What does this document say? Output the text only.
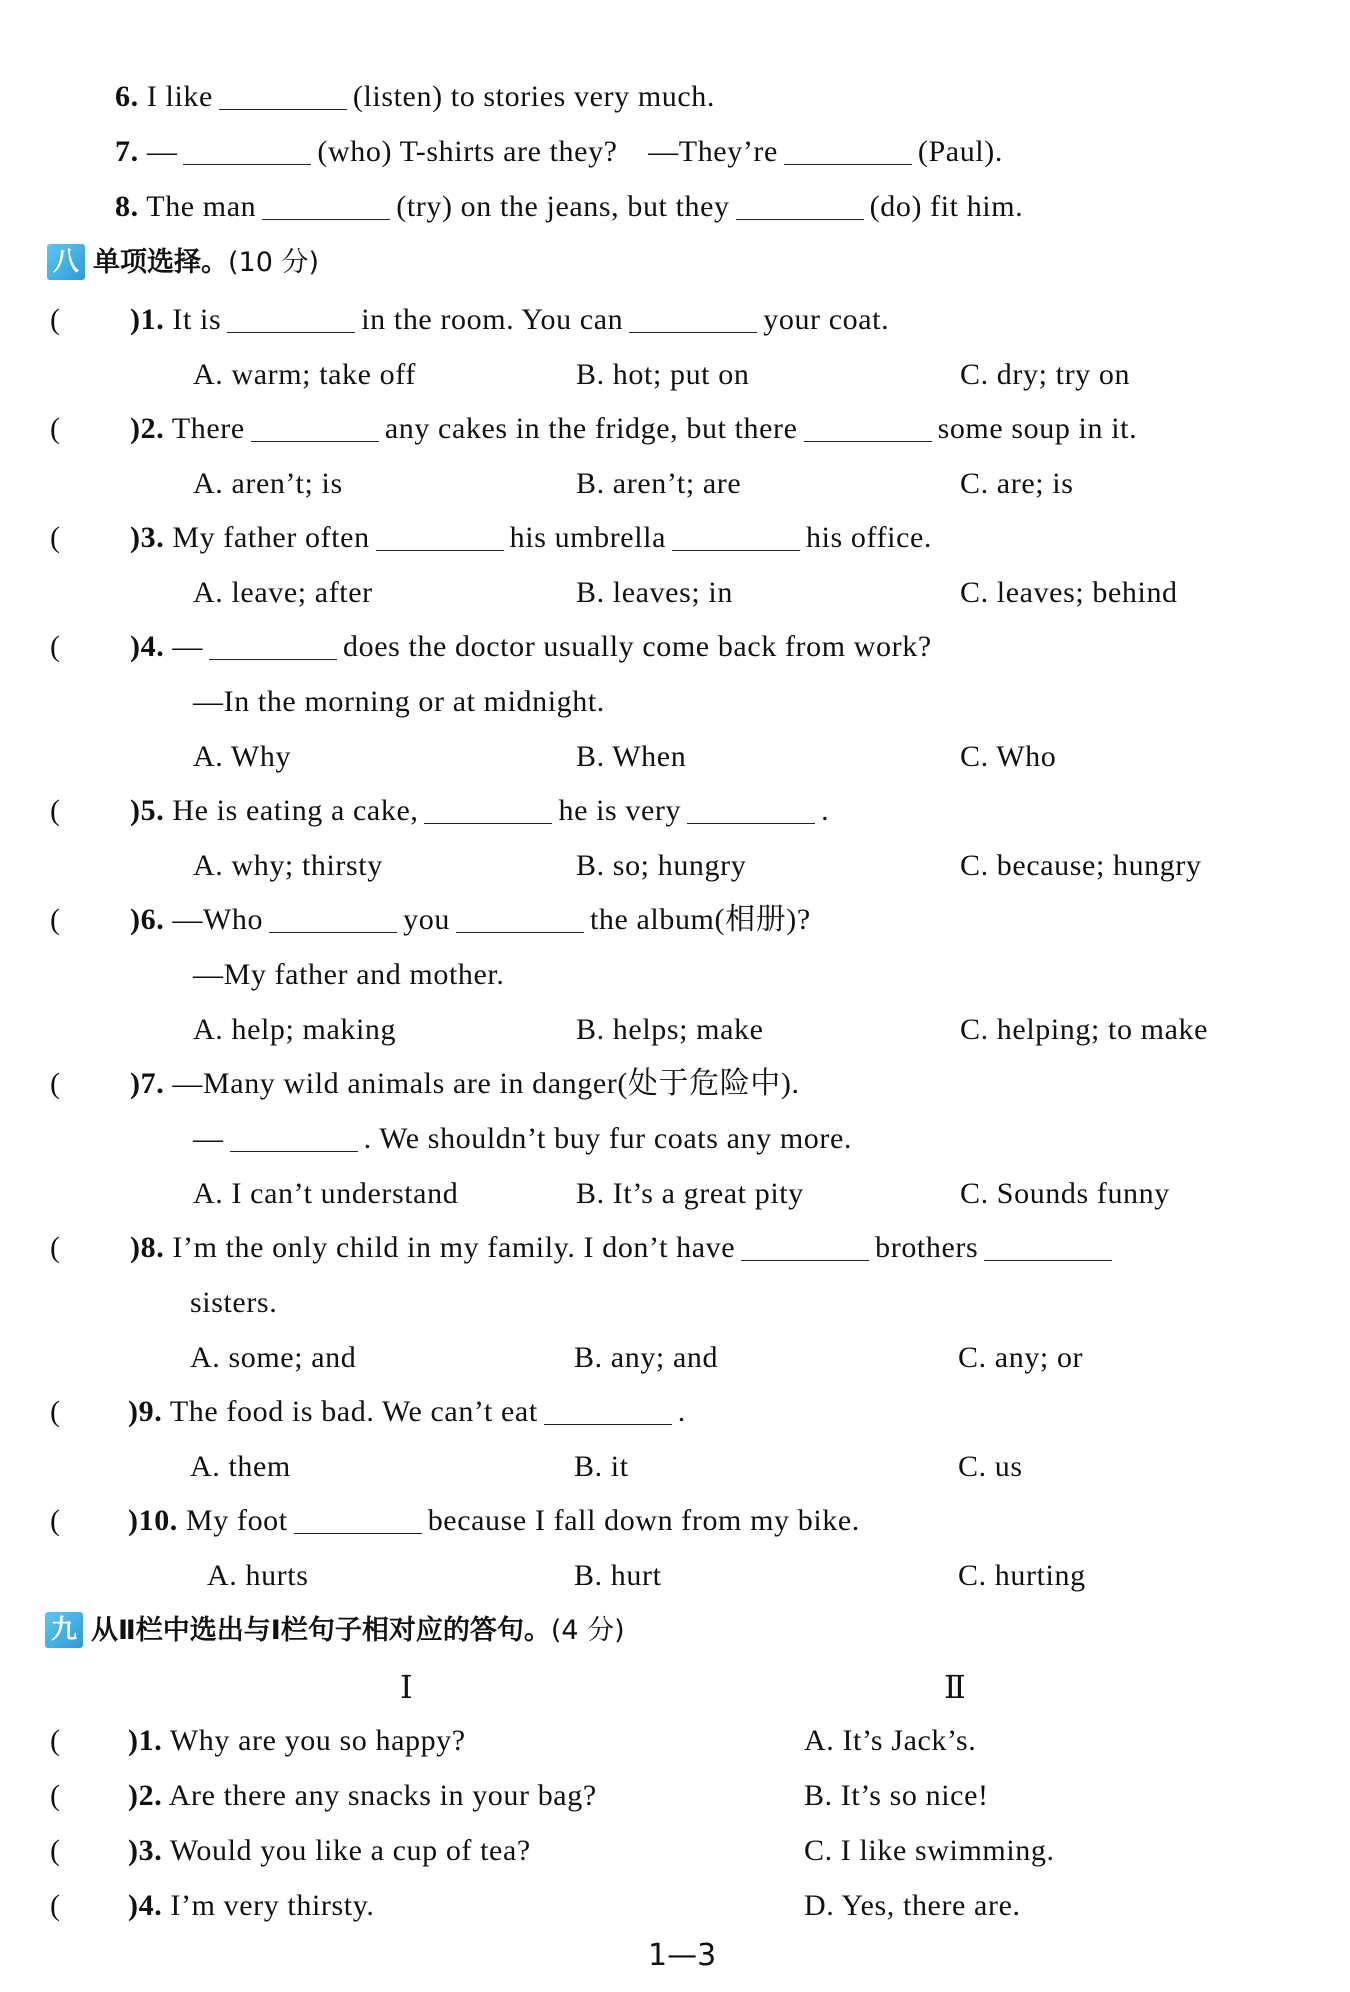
6. I like	(listen) to stories very much.
7. —	(who) T-shirts are they?　—They’re	(Paul).
8. The man	(try) on the jeans, but they	(do) fit him.
八 单项选择。(10 分)
( )1. It is	in the room. You can	your coat.
A. warm; take off	B. hot; put on	C. dry; try on
( )2. There	any cakes in the fridge, but there	some soup in it.
A. aren’t; is	B. aren’t; are	C. are; is
( )3. My father often	his umbrella	his office.
A. leave; after	B. leaves; in	C. leaves; behind
( )4. —	does the doctor usually come back from work?
—In the morning or at midnight.
A. Why	B. When	C. Who
( )5. He is eating a cake,	he is very	.
A. why; thirsty	B. so; hungry	C. because; hungry
( )6. —Who	you	the album(相册)?
—My father and mother.
A. help; making	B. helps; make	C. helping; to make
( )7. —Many wild animals are in danger(处于危险中).
—	. We shouldn’t buy fur coats any more.
A. I can’t understand	B. It’s a great pity	C. Sounds funny
( )8. I’m the only child in my family. I don’t have	brothers
sisters.
A. some; and	B. any; and	C. any; or
( )9. The food is bad. We can’t eat	.
A. them	B. it	C. us
( )10. My foot	because I fall down from my bike.
A. hurts	B. hurt	C. hurting
九 从Ⅱ栏中选出与Ⅰ栏句子相对应的答句。(4 分)
Ⅰ	Ⅱ
( )1. Why are you so happy?	A. It’s Jack’s.
( )2. Are there any snacks in your bag?	B. It’s so nice!
( )3. Would you like a cup of tea?	C. I like swimming.
( )4. I’m very thirsty.	D. Yes, there are.
1—3
